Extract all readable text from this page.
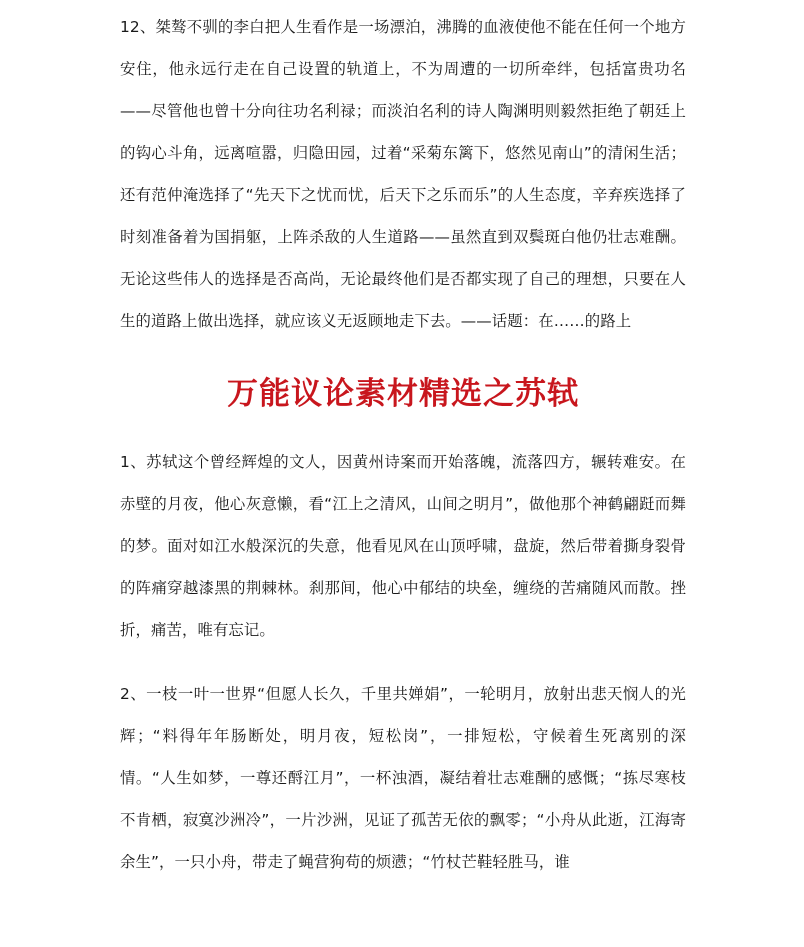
12、桀骜不驯的李白把人生看作是一场漂泊，沸腾的血液使他不能在任何一个地方安住，他永远行走在自己设置的轨道上，不为周遭的一切所牵绊，包括富贵功名——尽管他也曾十分向往功名利禄；而淡泊名利的诗人陶渊明则毅然拒绝了朝廷上的钩心斗角，远离喧嚣，归隐田园，过着“采菊东篱下，悠然见南山”的清闲生活；还有范仲淹选择了“先天下之忧而忧，后天下之乐而乐”的人生态度，辛弃疾选择了时刻准备着为国捐躯，上阵杀敌的人生道路——虽然直到双鬓斑白他仍壮志难酬。无论这些伟人的选择是否高尚，无论最终他们是否都实现了自己的理想，只要在人生的道路上做出选择，就应该义无返顾地走下去。——话题：在……的路上

万能议论素材精选之苏轼

1、苏轼这个曾经辉煌的文人，因黄州诗案而开始落魄，流落四方，辗转难安。在赤壁的月夜，他心灰意懒，看“江上之清风，山间之明月”，做他那个神鹤翩跹而舞的梦。面对如江水般深沉的失意，他看见风在山顶呼啸，盘旋，然后带着撕身裂骨的阵痛穿越漆黑的荆棘林。刹那间，他心中郁结的块垒，缠绕的苦痛随风而散。挫折，痛苦，唯有忘记。

2、一枝一叶一世界“但愿人长久，千里共婵娟”，一轮明月，放射出悲天悯人的光辉；“料得年年肠断处，明月夜，短松岗”，一排短松，守候着生死离别的深情。“人生如梦，一尊还酹江月”，一杯浊酒，凝结着壮志难酬的感慨；“拣尽寒枝不肯栖，寂寞沙洲冷”，一片沙洲，见证了孤苦无依的飘零；“小舟从此逝，江海寄余生”，一只小舟，带走了蝇营狗苟的烦懑；“竹杖芒鞋轻胜马，谁
